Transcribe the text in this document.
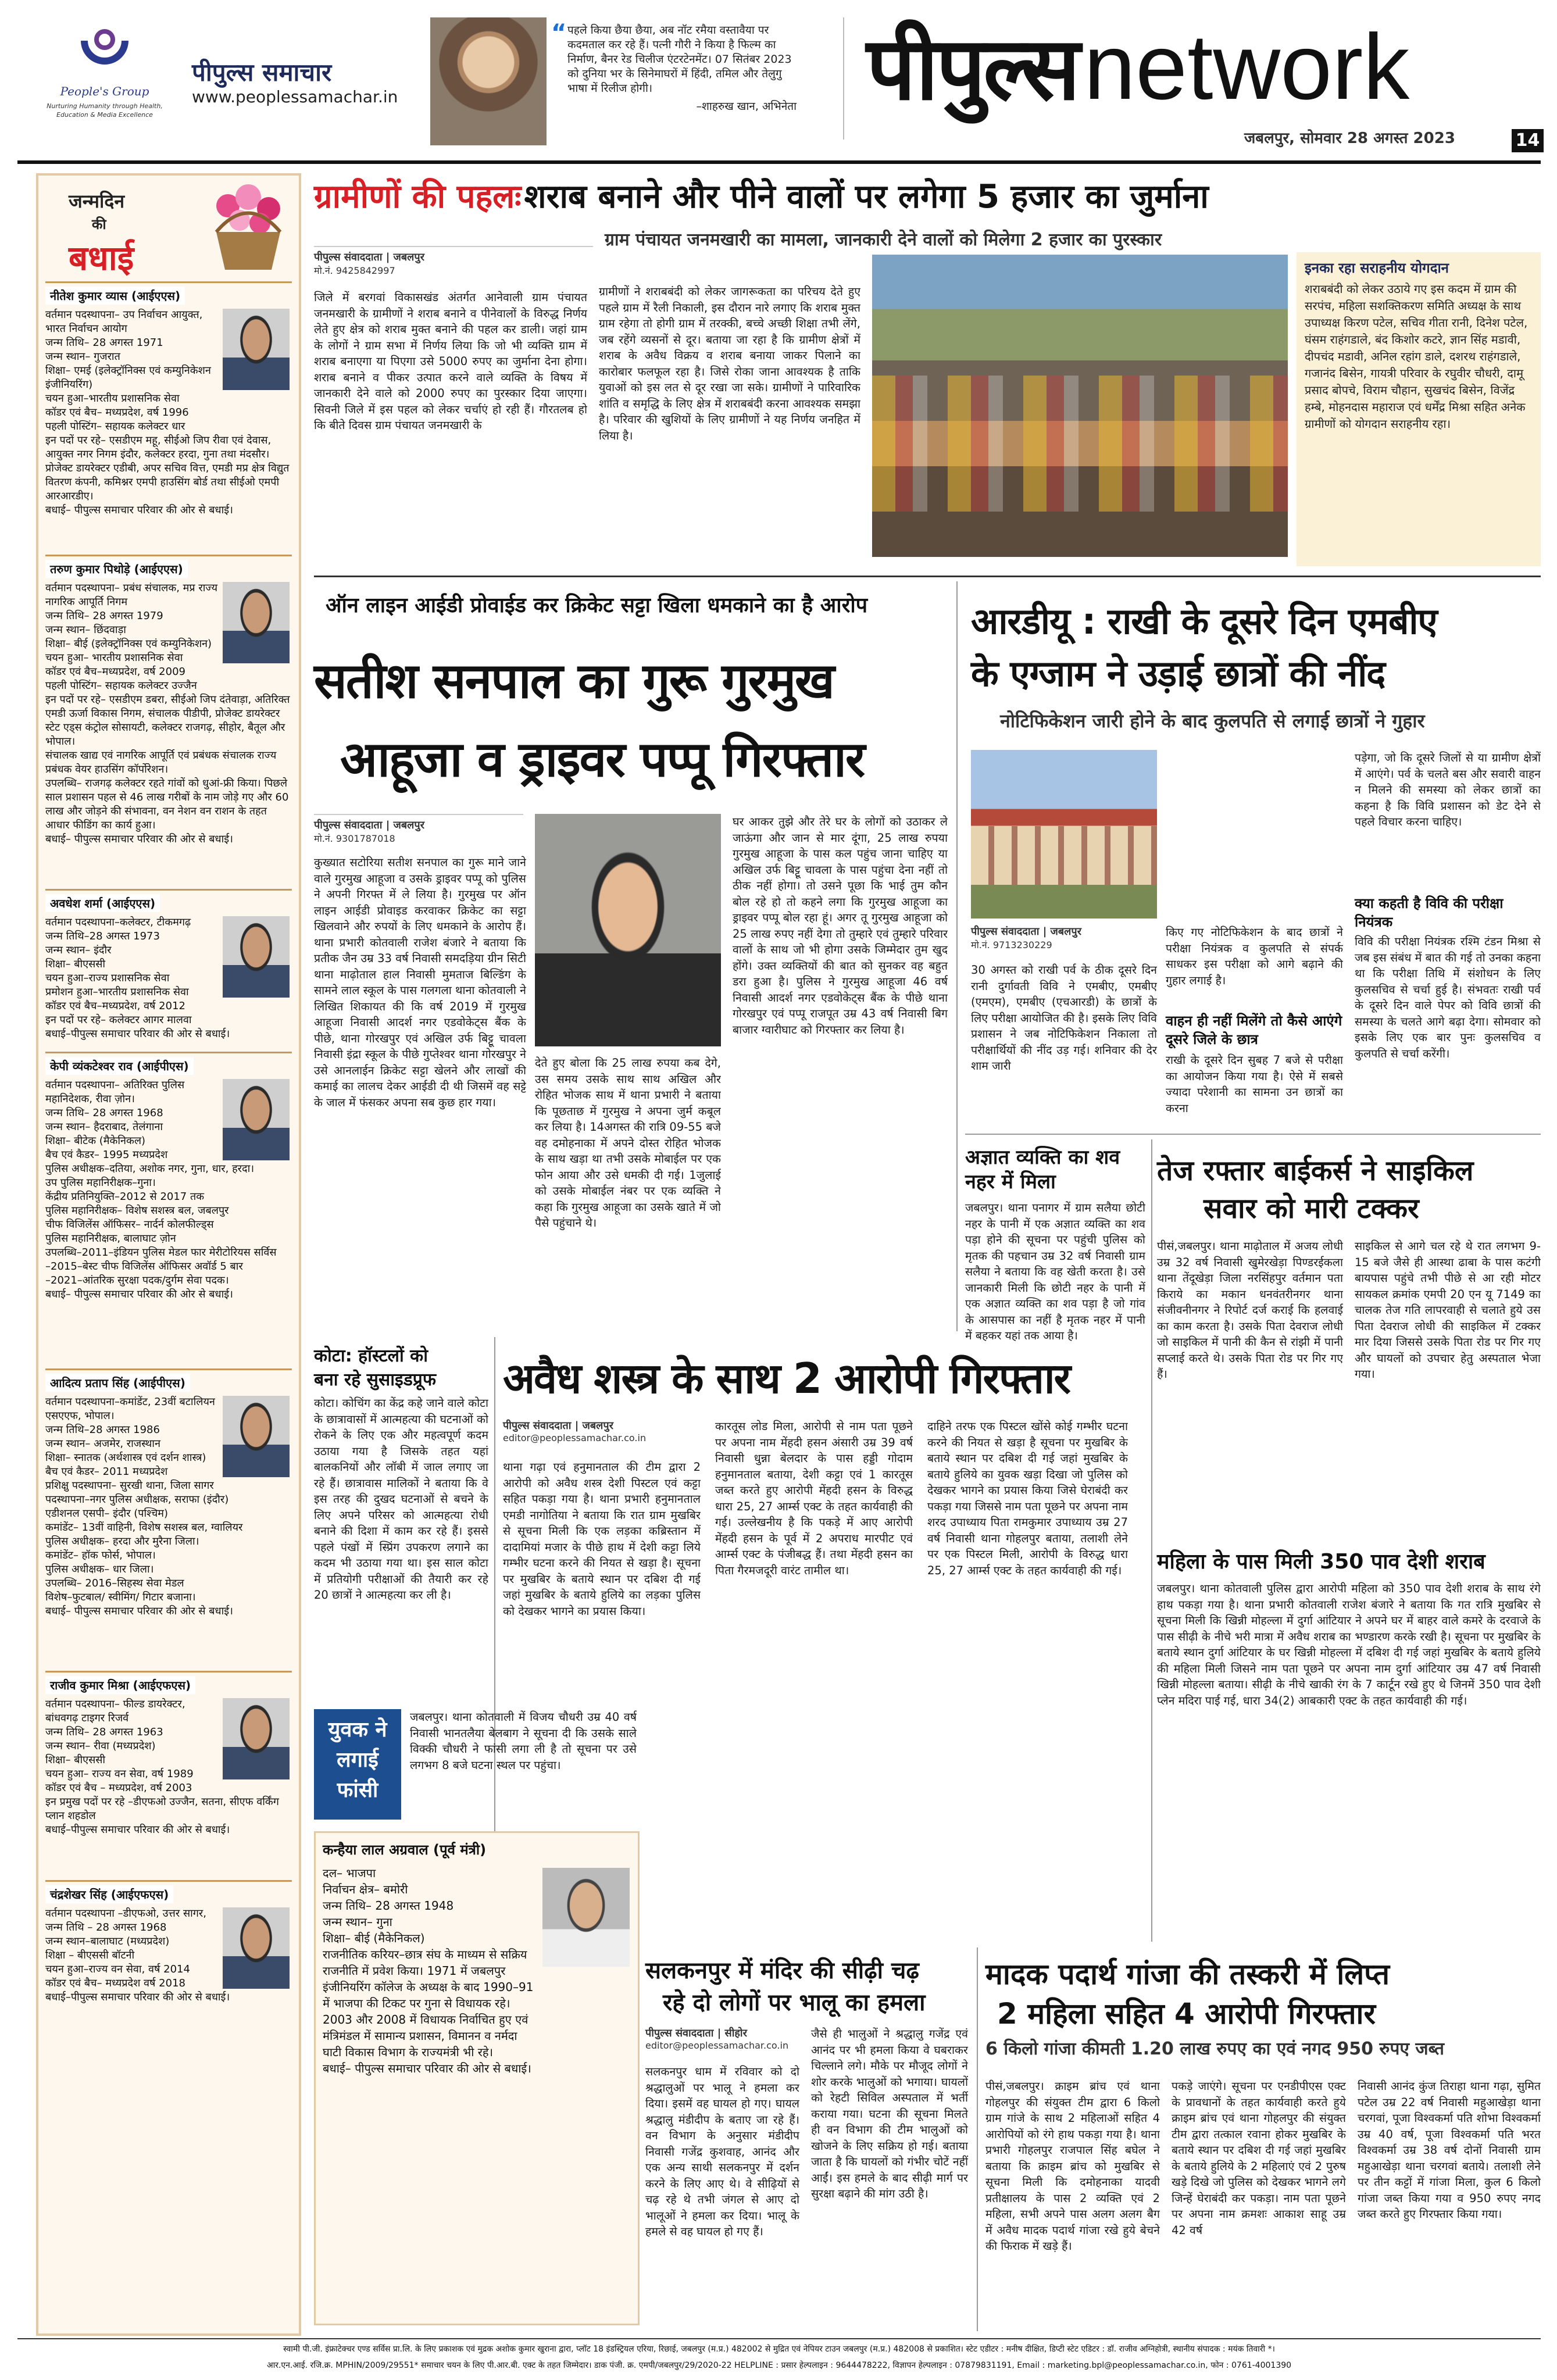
People's Group
Nurturing Humanity through Health, Education & Media Excellence
पीपुल्स समाचार
www.peoplessamachar.in
“ पहले किया छैया छैया, अब नॉट रमैया वस्तावैया पर कदमताल कर रहे हैं। पत्नी गौरी ने किया है फिल्म का निर्माण, बैनर रेड चिलीज एंटरटेनमेंट। 07 सितंबर 2023 को दुनिया भर के सिनेमाघरों में हिंदी, तमिल और तेलुगु भाषा में रिलीज होगी।
–शाहरुख खान, अभिनेता पीपुल्सnetwork
जबलपुर, सोमवार 28 अगस्त 2023	14
जन्मदिन
की
बधाई
नीतेश कुमार व्यास (आईएएस)
वर्तमान पदस्थापना– उप निर्वाचन आयुक्त, भारत निर्वाचन आयोग
जन्म तिथि– 28 अगस्त 1971
जन्म स्थान– गुजरात
शिक्षा– एमई (इलेक्ट्रॉनिक्स एवं कम्युनिकेशन इंजीनियरिंग)
चयन हुआ–भारतीय प्रशासनिक सेवा
कॉडर एवं बैच– मध्यप्रदेश, वर्ष 1996
पहली पोस्टिंग– सहायक कलेक्टर धार
इन पदों पर रहे– एसडीएम महू, सीईओ जिप रीवा एवं देवास, आयुक्त नगर निगम इंदौर, कलेक्टर हरदा, गुना तथा मंदसौर। प्रोजेक्ट डायरेक्टर एडीबी, अपर सचिव वित्त, एमडी मप्र क्षेत्र विद्युत वितरण कंपनी, कमिश्नर एमपी हाउसिंग बोर्ड तथा सीईओ एमपी आरआरडीए।
बधाई– पीपुल्स समाचार परिवार की ओर से बधाई।
तरुण कुमार पिथोड़े (आईएएस)
वर्तमान पदस्थापना– प्रबंध संचालक, मप्र राज्य नागरिक आपूर्ति निगम
जन्म तिथि– 28 अगस्त 1979
जन्म स्थान– छिंदवाड़ा
शिक्षा– बीई (इलेक्ट्रॉनिक्स एवं कम्युनिकेशन)
चयन हुआ– भारतीय प्रशासनिक सेवा
कॉडर एवं बैच–मध्यप्रदेश, वर्ष 2009
पहली पोस्टिंग– सहायक कलेक्टर उज्जैन
इन पदों पर रहे– एसडीएम डबरा, सीईओ जिप दंतेवाड़ा, अतिरिक्त एमडी ऊर्जा विकास निगम, संचालक पीडीपी, प्रोजेक्ट डायरेक्टर स्टेट एड्स कंट्रोल सोसायटी, कलेक्टर राजगढ़, सीहोर, बैतूल और भोपाल।
संचालक खाद्य एवं नागरिक आपूर्ति एवं प्रबंधक संचालक राज्य प्रबंधक वेयर हाउसिंग कॉर्पोरेशन।
उपलब्धि– राजगढ़ कलेक्टर रहते गांवों को धुआं-फ्री किया। पिछले साल प्रशासन पहल से 46 लाख गरीबों के नाम जोड़े गए और 60 लाख और जोड़ने की संभावना, वन नेशन वन राशन के तहत आधार फीडिंग का कार्य हुआ।
बधाई– पीपुल्स समाचार परिवार की ओर से बधाई।
अवधेश शर्मा (आईएएस)
वर्तमान पदस्थापना–कलेक्टर, टीकमगढ़
जन्म तिथि–28 अगस्त 1973
जन्म स्थान– इंदौर
शिक्षा– बीएससी
चयन हुआ–राज्य प्रशासनिक सेवा
प्रमोशन हुआ–भारतीय प्रशासनिक सेवा
कॉडर एवं बैच–मध्यप्रदेश, वर्ष 2012
इन पदों पर रहे– कलेक्टर आगर मालवा
बधाई–पीपुल्स समाचार परिवार की ओर से बधाई।
केपी व्यंकटेश्वर राव (आईपीएस)
वर्तमान पदस्थापना– अतिरिक्त पुलिस महानिदेशक, रीवा ज़ोन।
जन्म तिथि– 28 अगस्त 1968
जन्म स्थान– हैदराबाद, तेलंगाना
शिक्षा– बीटेक (मैकेनिकल)
बैच एवं कैडर– 1995 मध्यप्रदेश
पुलिस अधीक्षक–दतिया, अशोक नगर, गुना, धार, हरदा।
उप पुलिस महानिरीक्षक–गुना।
केंद्रीय प्रतिनियुक्ति–2012 से 2017 तक
पुलिस महानिरीक्षक– विशेष सशस्त्र बल, जबलपुर
चीफ विजिलेंस ऑफिसर– नार्दर्न कोलफील्ड्स
पुलिस महानिरीक्षक, बालाघाट ज़ोन
उपलब्धि–2011–इंडियन पुलिस मेडल फार मेरीटोरियस सर्विस
–2015–बेस्ट चीफ विजिलेंस ऑफिसर अवॉर्ड 5 बार
–2021–आंतरिक सुरक्षा पदक/दुर्गम सेवा पदक।
बधाई– पीपुल्स समाचार परिवार की ओर से बधाई।
आदित्य प्रताप सिंह (आईपीएस)
वर्तमान पदस्थापना–कमांडेंट, 23वीं बटालियन एसएएफ, भोपाल।
जन्म तिथि–28 अगस्त 1986
जन्म स्थान– अजमेर, राजस्थान
शिक्षा– स्नातक (अर्थशास्त्र एवं दर्शन शास्त्र)
बैच एवं कैडर– 2011 मध्यप्रदेश
प्रशिक्षु पदस्थापना– सुरखी थाना, जिला सागर
पदस्थापना–नगर पुलिस अधीक्षक, सराफा (इंदौर)
एडीशनल एसपी– इंदौर (पश्चिम)
कमांडेंट– 13वीं वाहिनी, विशेष सशस्त्र बल, ग्वालियर
पुलिस अधीक्षक– हरदा और मुरैना जिला।
कमांडेंट– हॉक फोर्स, भोपाल।
पुलिस अधीक्षक– धार जिला।
उपलब्धि– 2016–सिहस्थ सेवा मेडल
विशेष–फुटबाल/ स्वीमिंग/ गिटार बजाना।
बधाई– पीपुल्स समाचार परिवार की ओर से बधाई।
राजीव कुमार मिश्रा (आईएफएस)
वर्तमान पदस्थापना– फील्ड डायरेक्टर, बांधवगढ़ टाइगर रिजर्व
जन्म तिथि– 28 अगस्त 1963
जन्म स्थान– रीवा (मध्यप्रदेश)
शिक्षा– बीएससी
चयन हुआ– राज्य वन सेवा, वर्ष 1989
कॉडर एवं बैच – मध्यप्रदेश, वर्ष 2003
इन प्रमुख पदों पर रहे –डीएफओ उज्जैन, सतना, सीएफ वर्किंग प्लान शहडोल
बधाई–पीपुल्स समाचार परिवार की ओर से बधाई।
चंद्रशेखर सिंह (आईएफएस)
वर्तमान पदस्थापना –डीएफओ, उत्तर सागर,
जन्म तिथि – 28 अगस्त 1968
जन्म स्थान–बालाघाट (मध्यप्रदेश)
शिक्षा – बीएससी बॉटनी
चयन हुआ–राज्य वन सेवा, वर्ष 2014
कॉडर एवं बैच– मध्यप्रदेश वर्ष 2018
बधाई–पीपुल्स समाचार परिवार की ओर से बधाई।
ग्रामीणों की पहलः शराब बनाने और पीने वालों पर लगेगा 5 हजार का जुर्माना
पीपुल्स संवाददाता | जबलपुर
मो.नं. 9425842997
ग्राम पंचायत जनमखारी का मामला, जानकारी देने वालों को मिलेगा 2 हजार का पुरस्कार
जिले में बरगवां विकासखंड अंतर्गत आनेवाली ग्राम पंचायत जनमखारी के ग्रामीणों ने शराब बनाने व पीनेवालों के विरुद्ध निर्णय लेते हुए क्षेत्र को शराब मुक्त बनाने की पहल कर डाली। जहां ग्राम के लोगों ने ग्राम सभा में निर्णय लिया कि जो भी व्यक्ति ग्राम में शराब बनाएगा या पिएगा उसे 5000 रुपए का जुर्माना देना होगा। शराब बनाने व पीकर उत्पात करने वाले व्यक्ति के विषय में जानकारी देने वाले को 2000 रुपए का पुरस्कार दिया जाएगा। सिवनी जिले में इस पहल को लेकर चर्चाएं हो रही हैं। गौरतलब हो कि बीते दिवस ग्राम पंचायत जनमखारी के
ग्रामीणों ने शराबबंदी को लेकर जागरूकता का परिचय देते हुए पहले ग्राम में रैली निकाली, इस दौरान नारे लगाए कि शराब मुक्त ग्राम रहेगा तो होगी ग्राम में तरक्की, बच्चे अच्छी शिक्षा तभी लेंगे, जब रहेंगे व्यसनों से दूर। बताया जा रहा है कि ग्रामीण क्षेत्रों में शराब के अवैध विक्रय व शराब बनाया जाकर पिलाने का कारोबार फलफूल रहा है। जिसे रोका जाना आवश्यक है ताकि युवाओं को इस लत से दूर रखा जा सके। ग्रामीणों ने पारिवारिक शांति व समृद्धि के लिए क्षेत्र में शराबबंदी करना आवश्यक समझा है। परिवार की खुशियों के लिए ग्रामीणों ने यह निर्णय जनहित में लिया है।
इनका रहा सराहनीय योगदान
शराबबंदी को लेकर उठाये गए इस कदम में ग्राम की सरपंच, महिला सशक्तिकरण समिति अध्यक्ष के साथ उपाध्यक्ष किरण पटेल, सचिव गीता रानी, दिनेश पटेल, घंसम राहंगडाले, बंद किशोर कटरे, ज्ञान सिंह मडावी, दीपचंद मडावी, अनिल रहांग डाले, दशरथ राहंगडाले, गजानंद बिसेन, गायत्री परिवार के रघुवीर चौधरी, दामू प्रसाद बोपचे, विराम चौहान, सुखचंद बिसेन, विजेंद्र हम्बे, मोहनदास महाराज एवं धर्मेंद्र मिश्रा सहित अनेक ग्रामीणों को योगदान सराहनीय रहा।
ऑन लाइन आईडी प्रोवाईड कर क्रिकेट सट्टा खिला धमकाने का है आरोप
सतीश सनपाल का गुरू गुरमुख
आहूजा व ड्राइवर पप्पू गिरफ्तार
पीपुल्स संवाददाता | जबलपुर
मो.नं. 9301787018
कुख्यात सटोरिया सतीश सनपाल का गुरू माने जाने वाले गुरमुख आहूजा व उसके ड्राइवर पप्पू को पुलिस ने अपनी गिरफ्त में ले लिया है। गुरमुख पर ऑन लाइन आईडी प्रोवाइड करवाकर क्रिकेट का सट्टा खिलवाने और रुपयों के लिए धमकाने के आरोप हैं। थाना प्रभारी कोतवाली राजेश बंजारे ने बताया कि प्रतीक जैन उम्र 33 वर्ष निवासी समदड़िया ग्रीन सिटी थाना माढ़ोताल हाल निवासी मुमताज बिल्डिंग के सामने लाल स्कूल के पास गलगला थाना कोतवाली ने लिखित शिकायत की कि वर्ष 2019 में गुरमुख आहूजा निवासी आदर्श नगर एडवोकेट्स बैंक के पीछे, थाना गोरखपुर एवं अखिल उर्फ बिट्टू चावला निवासी इंद्रा स्कूल के पीछे गुप्तेश्वर थाना गोरखपुर ने उसे आनलाईन क्रिकेट सट्टा खेलने और लाखों की कमाई का लालच देकर आईडी दी थी जिसमें वह सट्टे के जाल में फंसकर अपना सब कुछ हार गया।
देते हुए बोला कि 25 लाख रुपया कब देगे, उस समय उसके साथ साथ अखिल और रोहित भोजक साथ में थाना प्रभारी ने बताया कि पूछताछ में गुरमुख ने अपना जुर्म कबूल कर लिया है। 14अगस्त की रात्रि 09-55 बजे वह दमोहनाका में अपने दोस्त रोहित भोजक के साथ खड़ा था तभी उसके मोबाईल पर एक फोन आया और उसे धमकी दी गई। 1जुलाई को उसके मोबाईल नंबर पर एक व्यक्ति ने कहा कि गुरमुख आहूजा का उसके खाते में जो पैसे पहुंचाने थे।
घर आकर तुझे और तेरे घर के लोगों को उठाकर ले जाऊंगा और जान से मार दूंगा, 25 लाख रुपया गुरमुख आहूजा के पास कल पहुंच जाना चाहिए या अखिल उर्फ बिट्टू चावला के पास पहुंचा देना नहीं तो ठीक नहीं होगा। तो उसने पूछा कि भाई तुम कौन बोल रहे हो तो कहने लगा कि गुरमुख आहूजा का ड्राइवर पप्पू बोल रहा हूं। अगर तू गुरमुख आहूजा को 25 लाख रुपए नहीं देगा तो तुम्हारे एवं तुम्हारे परिवार वालों के साथ जो भी होगा उसके जिम्मेदार तुम खुद होंगे। उक्त व्यक्तियों की बात को सुनकर वह बहुत डरा हुआ है। पुलिस ने गुरमुख आहूजा 46 वर्ष निवासी आदर्श नगर एडवोकेट्स बैंक के पीछे थाना गोरखपुर एवं पप्पू राजपूत उम्र 43 वर्ष निवासी बिग बाजार ग्वारीघाट को गिरफ्तार कर लिया है।
आरडीयू : राखी के दूसरे दिन एमबीए
के एग्जाम ने उड़ाई छात्रों की नींद
नोटिफिकेशन जारी होने के बाद कुलपति से लगाई छात्रों ने गुहार
पीपुल्स संवाददाता | जबलपुर
मो.नं. 9713230229
30 अगस्त को राखी पर्व के ठीक दूसरे दिन रानी दुर्गावती विवि ने एमबीए, एमबीए (एमएम), एमबीए (एचआरडी) के छात्रों के लिए परीक्षा आयोजित की है। इसके लिए विवि प्रशासन ने जब नोटिफिकेशन निकाला तो परीक्षार्थियों की नींद उड़ गई। शनिवार की देर शाम जारी
किए गए नोटिफिकेशन के बाद छात्रों ने परीक्षा नियंत्रक व कुलपति से संपर्क साधकर इस परीक्षा को आगे बढ़ाने की गुहार लगाई है।
वाहन ही नहीं मिलेंगे तो कैसे आएंगे दूसरे जिले के छात्र
राखी के दूसरे दिन सुबह 7 बजे से परीक्षा का आयोजन किया गया है। ऐसे में सबसे ज्यादा परेशानी का सामना उन छात्रों का करना
पड़ेगा, जो कि दूसरे जिलों से या ग्रामीण क्षेत्रों में आएंगे। पर्व के चलते बस और सवारी वाहन न मिलने की समस्या को लेकर छात्रों का कहना है कि विवि प्रशासन को डेट देने से पहले विचार करना चाहिए।
क्या कहती है विवि की परीक्षा नियंत्रक
विवि की परीक्षा नियंत्रक रश्मि टंडन मिश्रा से जब इस संबंध में बात की गई तो उनका कहना था कि परीक्षा तिथि में संशोधन के लिए कुलसचिव से चर्चा हुई है। संभवतः राखी पर्व के दूसरे दिन वाले पेपर को विवि छात्रों की समस्या के चलते आगे बढ़ा देगा। सोमवार को इसके लिए एक बार पुनः कुलसचिव व कुलपति से चर्चा करेंगी।
अज्ञात व्यक्ति का शव नहर में मिला
जबलपुर। थाना पनागर में ग्राम सलैया छोटी नहर के पानी में एक अज्ञात व्यक्ति का शव पड़ा होने की सूचना पर पहुंची पुलिस को मृतक की पहचान उम्र 32 वर्ष निवासी ग्राम सलैया ने बताया कि वह खेती करता है। उसे जानकारी मिली कि छोटी नहर के पानी में एक अज्ञात व्यक्ति का शव पड़ा है जो गांव के आसपास का नहीं है मृतक नहर में पानी में बहकर यहां तक आया है।
तेज रफ्तार बाईकर्स ने साइकिल
सवार को मारी टक्कर
पीसं,जबलपुर। थाना माढ़ोताल में अजय लोधी उम्र 32 वर्ष निवासी खुमेरखेड़ा पिण्डरईकला थाना तेंदूखेड़ा जिला नरसिंहपुर वर्तमान पता किराये का मकान धनवंतरीनगर थाना संजीवनीनगर ने रिपोर्ट दर्ज कराई कि हलवाई का काम करता है। उसके पिता देवराज लोधी जो साइकिल में पानी की कैन से रांझी में पानी सप्लाई करते थे। उसके पिता रोड पर गिर गए हैं।
साइकिल से आगे चल रहे थे रात लगभग 9-15 बजे जैसे ही आस्था ढाबा के पास कटंगी बायपास पहुंचे तभी पीछे से आ रही मोटर सायकल क्रमांक एमपी 20 एन यू 7149 का चालक तेज गति लापरवाही से चलाते हुये उस पिता देवराज लोधी की साइकिल में टक्कर मार दिया जिससे उसके पिता रोड पर गिर गए और घायलों को उपचार हेतु अस्पताल भेजा गया।
कोटा: हॉस्टलों को
बना रहे सुसाइडप्रूफ
कोटा। कोचिंग का केंद्र कहे जाने वाले कोटा के छात्रावासों में आत्महत्या की घटनाओं को रोकने के लिए एक और महत्वपूर्ण कदम उठाया गया है जिसके तहत यहां बालकनियों और लॉबी में जाल लगाए जा रहे हैं। छात्रावास मालिकों ने बताया कि वे इस तरह की दुखद घटनाओं से बचने के लिए अपने परिसर को आत्महत्या रोधी बनाने की दिशा में काम कर रहे हैं। इससे पहले पंखों में स्प्रिंग उपकरण लगाने का कदम भी उठाया गया था। इस साल कोटा में प्रतियोगी परीक्षाओं की तैयारी कर रहे 20 छात्रों ने आत्महत्या कर ली है।
अवैध शस्त्र के साथ 2 आरोपी गिरफ्तार
पीपुल्स संवाददाता | जबलपुर
editor@peoplessamachar.co.in
थाना गढ़ा एवं हनुमानताल की टीम द्वारा 2 आरोपी को अवैध शस्त्र देशी पिस्टल एवं कट्टा सहित पकड़ा गया है। थाना प्रभारी हनुमानताल एमडी नागोतिया ने बताया कि रात ग्राम मुखबिर से सूचना मिली कि एक लड़का कब्रिस्तान में दादामियां मजार के पीछे हाथ में देशी कट्टा लिये गम्भीर घटना करने की नियत से खड़ा है। सूचना पर मुखबिर के बताये स्थान पर दबिश दी गई जहां मुखबिर के बताये हुलिये का लड़का पुलिस को देखकर भागने का प्रयास किया।
कारतूस लोड मिला, आरोपी से नाम पता पूछने पर अपना नाम मेंहदी हसन अंसारी उम्र 39 वर्ष निवासी धुन्ना बेलदार के पास हड्डी गोदाम हनुमानताल बताया, देशी कट्टा एवं 1 कारतूस जब्त करते हुए आरोपी मेंहदी हसन के विरुद्ध धारा 25, 27 आर्म्स एक्ट के तहत कार्यवाही की गई। उल्लेखनीय है कि पकड़े में आए आरोपी मेंहदी हसन के पूर्व में 2 अपराध मारपीट एवं आर्म्स एक्ट के पंजीबद्ध हैं। तथा मेंहदी हसन का पिता गैरमजदूरी वारंट तामील था।
दाहिने तरफ एक पिस्टल खोंसे कोई गम्भीर घटना करने की नियत से खड़ा है सूचना पर मुखबिर के बताये स्थान पर दबिश दी गई जहां मुखबिर के बताये हुलिये का युवक खड़ा दिखा जो पुलिस को देखकर भागने का प्रयास किया जिसे घेराबंदी कर पकड़ा गया जिससे नाम पता पूछने पर अपना नाम शरद उपाध्याय पिता रामकुमार उपाध्याय उम्र 27 वर्ष निवासी थाना गोहलपुर बताया, तलाशी लेने पर एक पिस्टल मिली, आरोपी के विरुद्ध धारा 25, 27 आर्म्स एक्ट के तहत कार्यवाही की गई। महिला के पास मिली 350 पाव देशी शराब
जबलपुर। थाना कोतवाली पुलिस द्वारा आरोपी महिला को 350 पाव देशी शराब के साथ रंगे हाथ पकड़ा गया है। थाना प्रभारी कोतवाली राजेश बंजारे ने बताया कि गत रात्रि मुखबिर से सूचना मिली कि खिन्नी मोहल्ला में दुर्गा आंटियार ने अपने घर में बाहर वाले कमरे के दरवाजे के पास सीढ़ी के नीचे भरी मात्रा में अवैध शराब का भण्डारण करके रखी है। सूचना पर मुखबिर के बताये स्थान दुर्गा आंटियार के घर खिन्नी मोहल्ला में दबिश दी गई जहां मुखबिर के बताये हुलिये की महिला मिली जिसने नाम पता पूछने पर अपना नाम दुर्गा आंटियार उम्र 47 वर्ष निवासी खिन्नी मोहल्ला बताया। सीढ़ी के नीचे खाकी रंग के 7 कार्टून रखे हुए थे जिनमें 350 पाव देशी प्लेन मदिरा पाई गई, धारा 34(2) आबकारी एक्ट के तहत कार्यवाही की गई।
युवक ने लगाई फांसी
जबलपुर। थाना कोतवाली में विजय चौधरी उम्र 40 वर्ष निवासी भानतलैया बेलबाग ने सूचना दी कि उसके साले विक्की चौधरी ने फांसी लगा ली है तो सूचना पर उसे लगभग 8 बजे घटना स्थल पर पहुंचा।
कन्हैया लाल अग्रवाल (पूर्व मंत्री)
दल– भाजपा
निर्वाचन क्षेत्र– बमोरी
जन्म तिथि– 28 अगस्त 1948
जन्म स्थान– गुना
शिक्षा– बीई (मैकेनिकल)
राजनीतिक करियर–छात्र संघ के माध्यम से सक्रिय राजनीति में प्रवेश किया। 1971 में जबलपुर इंजीनियरिंग कॉलेज के अध्यक्ष के बाद 1990–91 में भाजपा की टिकट पर गुना से विधायक रहे। 2003 और 2008 में विधायक निर्वाचित हुए एवं मंत्रिमंडल में सामान्य प्रशासन, विमानन व नर्मदा घाटी विकास विभाग के राज्यमंत्री भी रहे।
बधाई– पीपुल्स समाचार परिवार की ओर से बधाई।
सलकनपुर में मंदिर की सीढ़ी चढ़
रहे दो लोगों पर भालू का हमला
पीपुल्स संवाददाता | सीहोर
editor@peoplessamachar.co.in
सलकनपुर धाम में रविवार को दो श्रद्धालुओं पर भालू ने हमला कर दिया। इसमें वह घायल हो गए। घायल श्रद्धालु मंडीदीप के बताए जा रहे हैं। वन विभाग के अनुसार मंडीदीप निवासी गजेंद्र कुशवाह, आनंद और एक अन्य साथी सलकनपुर में दर्शन करने के लिए आए थे। वे सीढ़ियों से चढ़ रहे थे तभी जंगल से आए दो भालूओं ने हमला कर दिया। भालू के हमले से वह घायल हो गए हैं।
जैसे ही भालुओं ने श्रद्धालु गजेंद्र एवं आनंद पर भी हमला किया वे घबराकर चिल्लाने लगे। मौके पर मौजूद लोगों ने शोर करके भालुओं को भगाया। घायलों को रेहटी सिविल अस्पताल में भर्ती कराया गया। घटना की सूचना मिलते ही वन विभाग की टीम भालुओं को खोजने के लिए सक्रिय हो गई। बताया जाता है कि घायलों को गंभीर चोटें नहीं आईं। इस हमले के बाद सीढ़ी मार्ग पर सुरक्षा बढ़ाने की मांग उठी है।
मादक पदार्थ गांजा की तस्करी में लिप्त
2 महिला सहित 4 आरोपी गिरफ्तार
6 किलो गांजा कीमती 1.20 लाख रुपए का एवं नगद 950 रुपए जब्त
पीसं,जबलपुर। क्राइम ब्रांच एवं थाना गोहलपुर की संयुक्त टीम द्वारा 6 किलो ग्राम गांजे के साथ 2 महिलाओं सहित 4 आरोपियों को रंगे हाथ पकड़ा गया है। थाना प्रभारी गोहलपुर राजपाल सिंह बघेल ने बताया कि क्राइम ब्रांच को मुखबिर से सूचना मिली कि दमोहनाका यादवी प्रतीक्षालय के पास 2 व्यक्ति एवं 2 महिला, सभी अपने पास अलग अलग बैग में अवैध मादक पदार्थ गांजा रखे हुये बेचने की फिराक में खड़े हैं।
पकड़े जाएंगे। सूचना पर एनडीपीएस एक्ट के प्रावधानों के तहत कार्यवाही करते हुये क्राइम ब्रांच एवं थाना गोहलपुर की संयुक्त टीम द्वारा तत्काल रवाना होकर मुखबिर के बताये स्थान पर दबिश दी गई जहां मुखबिर के बताये हुलिये के 2 महिलाएं एवं 2 पुरुष खड़े दिखे जो पुलिस को देखकर भागने लगे जिन्हें घेराबंदी कर पकड़ा। नाम पता पूछने पर अपना नाम क्रमशः आकाश साहू उम्र 42 वर्ष
निवासी आनंद कुंज तिराहा थाना गढ़ा, सुमित पटेल उम्र 22 वर्ष निवासी महुआखेड़ा थाना चरगवां, पूजा विश्वकर्मा पति शोभा विश्वकर्मा उम्र 40 वर्ष, पूजा विश्वकर्मा पति भरत विश्वकर्मा उम्र 38 वर्ष दोनों निवासी ग्राम महुआखेड़ा थाना चरगवां बताये। तलाशी लेने पर तीन कट्टों में गांजा मिला, कुल 6 किलो गांजा जब्त किया गया व 950 रुपए नगद जब्त करते हुए गिरफ्तार किया गया।
स्वामी पी.जी. इंफ्राटेक्चर एण्ड सर्विस प्रा.लि. के लिए प्रकाशक एवं मुद्रक अशोक कुमार खुराना द्वारा, प्लॉट 18 इंडस्ट्रियल एरिया, रिछाई, जबलपुर (म.प्र.) 482002 से मुद्रित एवं नेपियर टाउन जबलपुर (म.प्र.) 482008 से प्रकाशित। स्टेट एडीटर : मनीष दीक्षित, डिप्टी स्टेट एडिटर : डॉ. राजीव अग्निहोत्री, स्थानीय संपादक : मयंक तिवारी *।
आर.एन.आई. रजि.क्र. MPHIN/2009/29551* समाचार चयन के लिए पी.आर.बी. एक्ट के तहत जिम्मेदार। डाक पंजी. क्र. एमपी/जबलपुर/29/2020-22 HELPLINE : प्रसार हेल्पलाइन : 9644478222, विज्ञापन हेल्पलाइन : 07879831191, Email : marketing.bpl@peoplessamachar.co.in, फोन : 0761-4001390
